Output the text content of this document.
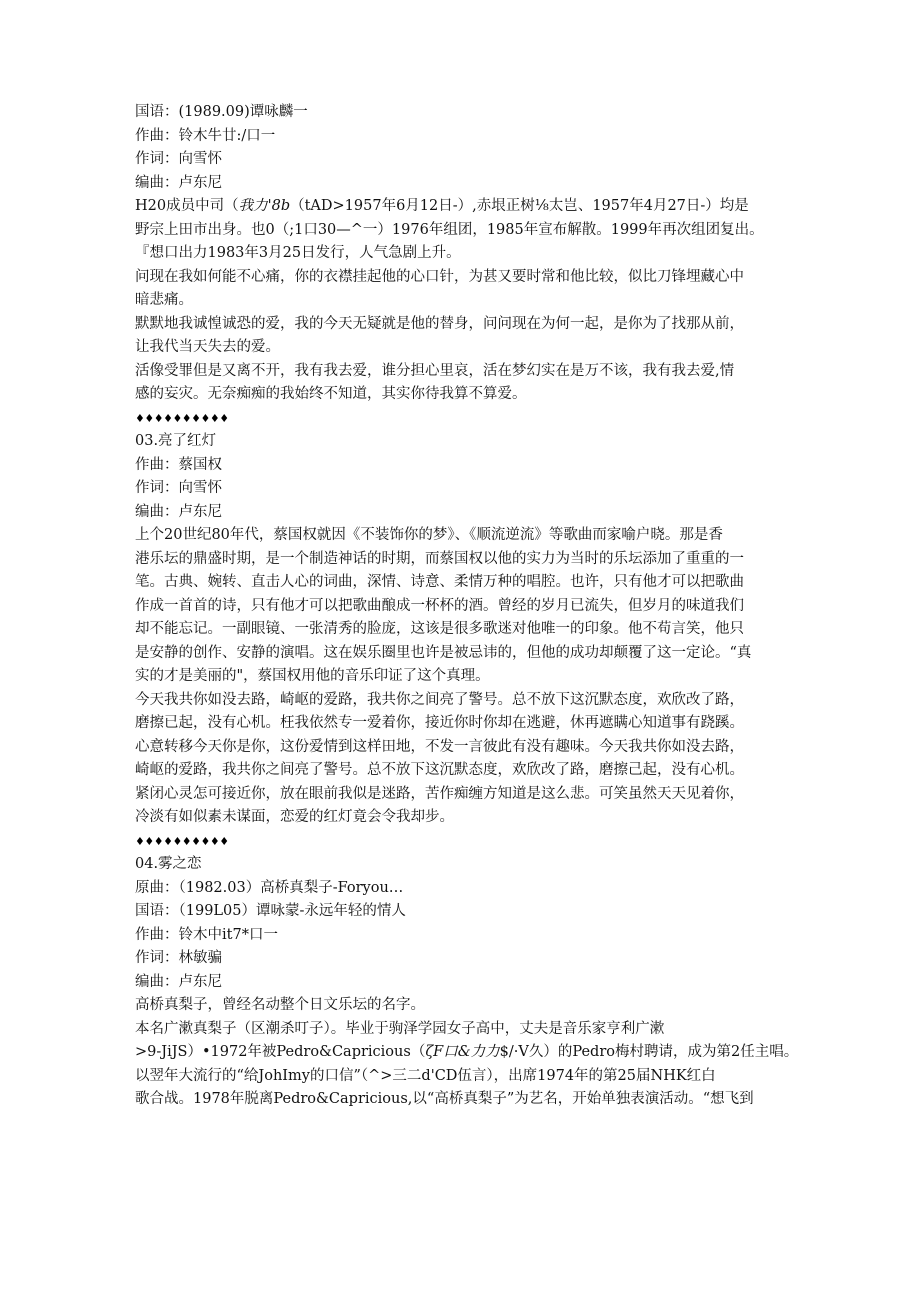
国语：(1989.09)谭咏麟一
作曲：铃木牛廿:/口一
作词：向雪怀
编曲：卢东尼
H20成员中司（我力'8b（tAD>1957年6月12日-）,赤垠正树⅛太岂、1957年4月27日-）均是
野宗上田市出身。也0（;1口30—^一）1976年组团，1985年宣布解散。1999年再次组团复出。
『想口出力1983年3月25日发行，人气急剧上升。
问现在我如何能不心痛，你的衣襟挂起他的心口针，为甚又要时常和他比较，似比刀锋埋藏心中
暗悲痛。
默默地我诚惶诚恐的爱，我的今天无疑就是他的替身，问问现在为何一起，是你为了找那从前，
让我代当天失去的爱。
活像受罪但是又离不开，我有我去爱，谁分担心里哀，活在梦幻实在是万不该，我有我去爱,情
感的妄灾。无奈痴痴的我始终不知道，其实你待我算不算爱。
♦♦♦♦♦♦♦♦♦♦
03.亮了红灯
作曲：蔡国权
作词：向雪怀
编曲：卢东尼
上个20世纪80年代，蔡国权就因《不装饰你的梦》、《顺流逆流》等歌曲而家喻户晓。那是香
港乐坛的鼎盛时期，是一个制造神话的时期，而蔡国权以他的实力为当时的乐坛添加了重重的一
笔。古典、婉转、直击人心的词曲，深情、诗意、柔情万种的唱腔。也许，只有他才可以把歌曲
作成一首首的诗，只有他才可以把歌曲酿成一杯杯的酒。曾经的岁月已流失，但岁月的味道我们
却不能忘记。一副眼镜、一张清秀的脸庞，这该是很多歌迷对他唯一的印象。他不苟言笑，他只
是安静的创作、安静的演唱。这在娱乐圈里也许是被忌讳的，但他的成功却颠覆了这一定论。“真
实的才是美丽的"，蔡国权用他的音乐印证了这个真理。
今天我共你如没去路，崎岖的爱路，我共你之间亮了警号。总不放下这沉默态度，欢欣改了路，
磨擦已起，没有心机。枉我依然专一爱着你，接近你时你却在逃避，休再遮瞒心知道事有跷蹊。
心意转移今天你是你，这份爱情到这样田地，不发一言彼此有没有趣味。今天我共你如没去路，
崎岖的爱路，我共你之间亮了警号。总不放下这沉默态度，欢欣改了路，磨擦己起，没有心机。
紧闭心灵怎可接近你，放在眼前我似是迷路，苦作痴缠方知道是这么悲。可笑虽然天天见着你，
冷淡有如似素未谋面，恋爱的红灯竟会令我却步。
♦♦♦♦♦♦♦♦♦♦
04.雾之恋
原曲：（1982.03）高桥真梨子-Foryou…
国语：（199L05）谭咏蒙-永远年轻的情人
作曲：铃木中it7*口一
作词：林敏骗
编曲：卢东尼
高桥真梨子，曾经名动整个日文乐坛的名字。
本名广漱真梨子（区潮杀叮子）。毕业于驹泽学园女子高中，丈夫是音乐家亨利广漱
>9-JiJS）•1972年被Pedro&Capricious（ζF口&力力$/·V久）的Pedro梅村聘请，成为第2任主唱。
以翌年大流行的“给JohImy的口信”（^>三二d'CD伍言），出席1974年的第25届NHK红白
歌合战。1978年脱离Pedro&Capricious,以“高桥真梨子”为艺名，开始单独表演活动。“想飞到
